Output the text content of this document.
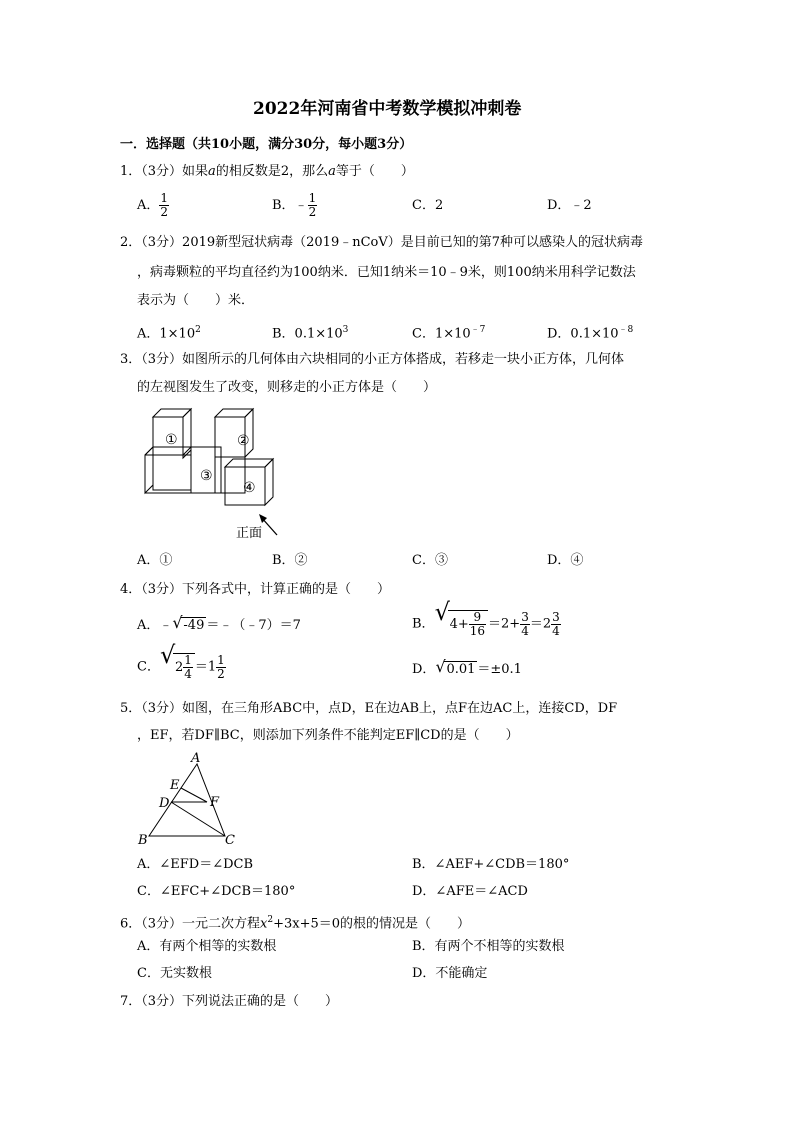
2022年河南省中考数学模拟冲刺卷
一．选择题（共10小题，满分30分，每小题3分）
1．（3分）如果a的相反数是2，那么a等于（　　）
A． $\frac{1}{2}$	B．﹣ $\frac{1}{2}$	C．2	D．﹣2
2．（3分）2019新型冠状病毒（2019﹣nCoV）是目前已知的第7种可以感染人的冠状病毒
，病毒颗粒的平均直径约为100纳米．已知1纳米＝10﹣9米，则100纳米用科学记数法
表示为（　　）米．
A．$1\times 10^2$	B．$0.1\times 10^3$	C．$1\times 10^{﹣7}$	D．$0.1\times 10^{﹣8}$
3．（3分）如图所示的几何体由六块相同的小正方体搭成，若移走一块小正方体，几何体
的左视图发生了改变，则移走的小正方体是（　　）
①	②
③
④
正面
A．①	B．②	C．③	D．④
4．（3分）下列各式中，计算正确的是（　　）
A．﹣ √ -49 ＝﹣（﹣7）＝7	B． √ $4+ \frac{9}{16} =2+ \frac{3}{4} =2 \frac{3}{4}$
C． √ $2 \frac{1}{4} =1 \frac{1}{2}$	D． √ 0.01 ＝±0.1
5．（3分）如图，在三角形ABC中，点D，E在边AB上，点F在边AC上，连接CD，DF
，EF，若DF∥BC，则添加下列条件不能判定EF∥CD的是（　　）
A
E
D	F
B	C
A．∠EFD＝∠DCB	B．∠AEF+∠CDB＝180°
C．∠EFC+∠DCB＝180°	D．∠AFE＝∠ACD
6．（3分）一元二次方程$x^2+3x+5=0$的根的情况是（　　）
A．有两个相等的实数根	B．有两个不相等的实数根
C．无实数根	D．不能确定
7．（3分）下列说法正确的是（　　）
